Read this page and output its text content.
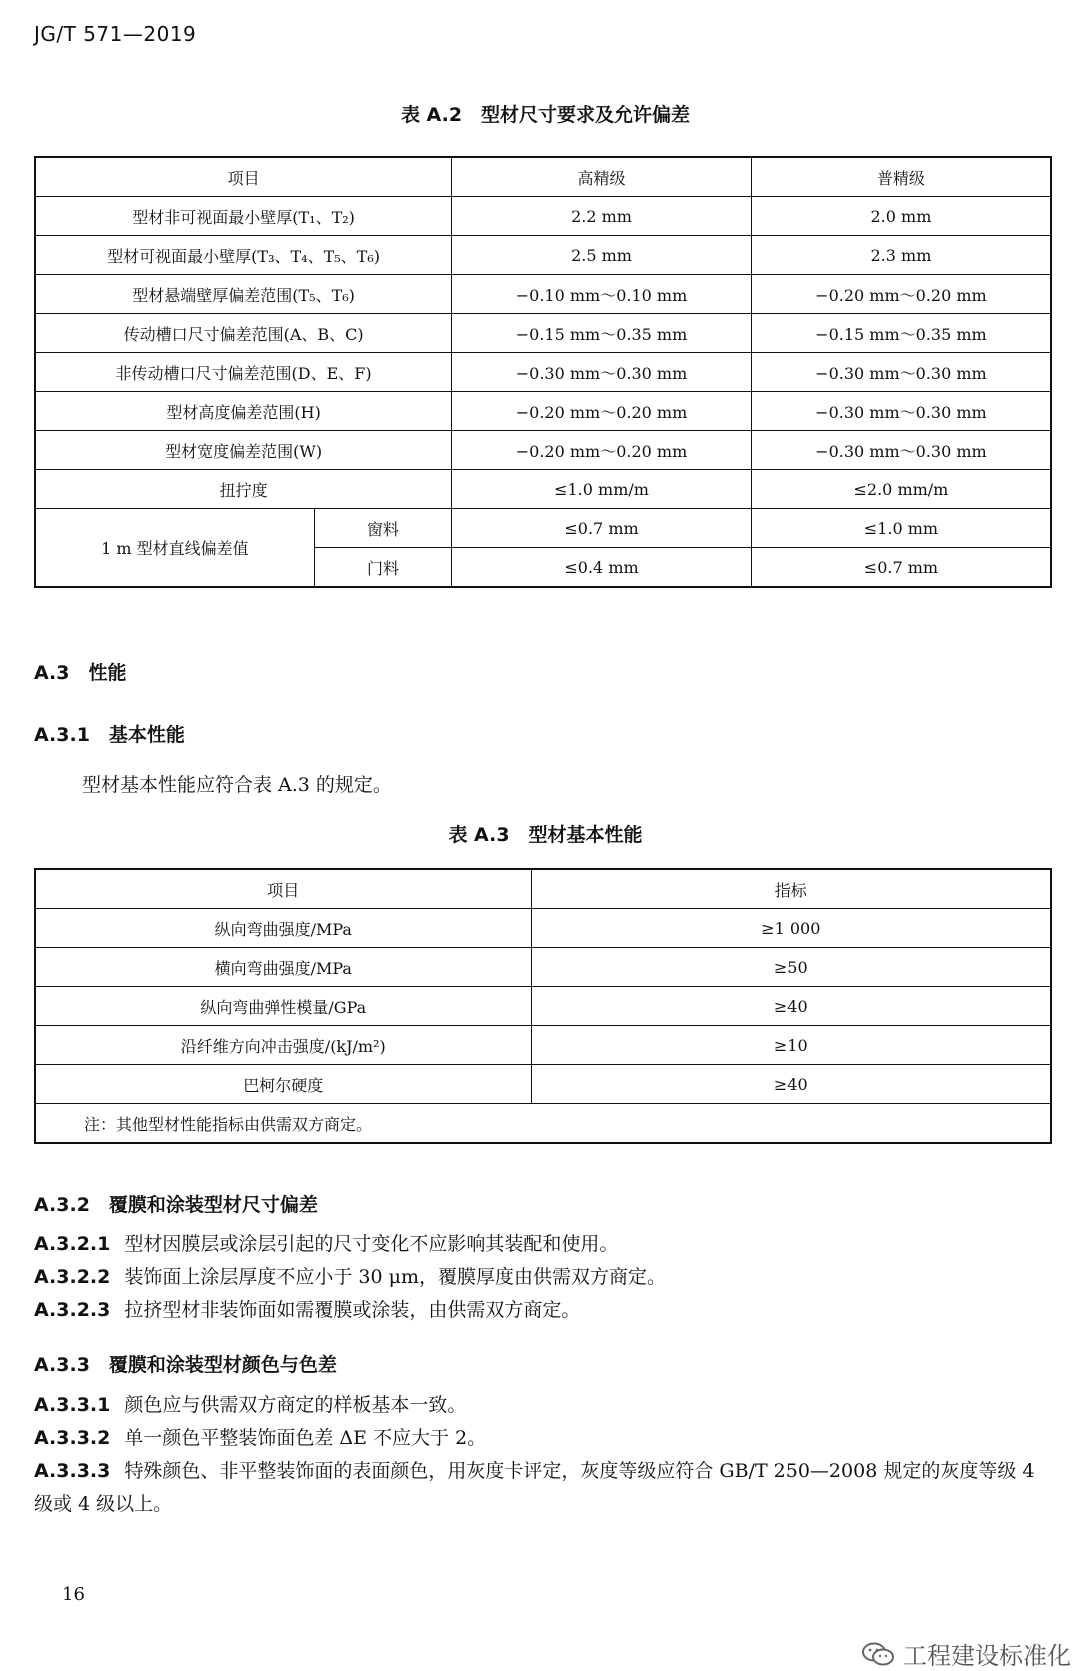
JG/T 571—2019
表 A.2　型材尺寸要求及允许偏差
项目		高精级	普精级
型材非可视面最小壁厚(T₁、T₂)		2.2 mm	2.0 mm
型材可视面最小壁厚(T₃、T₄、T₅、T₆)		2.5 mm	2.3 mm
型材悬端壁厚偏差范围(T₅、T₆)		−0.10 mm～0.10 mm	−0.20 mm～0.20 mm
传动槽口尺寸偏差范围(A、B、C)		−0.15 mm～0.35 mm	−0.15 mm～0.35 mm
非传动槽口尺寸偏差范围(D、E、F)		−0.30 mm～0.30 mm	−0.30 mm～0.30 mm
型材高度偏差范围(H)		−0.20 mm～0.20 mm	−0.30 mm～0.30 mm
型材宽度偏差范围(W)		−0.20 mm～0.20 mm	−0.30 mm～0.30 mm
扭拧度		≤1.0 mm/m	≤2.0 mm/m
1 m 型材直线偏差值	窗料	≤0.7 mm	≤1.0 mm
	门料	≤0.4 mm	≤0.7 mm
A.3　性能
A.3.1　基本性能
型材基本性能应符合表 A.3 的规定。
表 A.3　型材基本性能
项目	指标
纵向弯曲强度/MPa	≥1 000
横向弯曲强度/MPa	≥50
纵向弯曲弹性模量/GPa	≥40
沿纤维方向冲击强度/(kJ/m²)	≥10
巴柯尔硬度	≥40
注：其他型材性能指标由供需双方商定。	
A.3.2　覆膜和涂装型材尺寸偏差
A.3.2.1 型材因膜层或涂层引起的尺寸变化不应影响其装配和使用。
A.3.2.2 装饰面上涂层厚度不应小于 30 μm，覆膜厚度由供需双方商定。
A.3.2.3 拉挤型材非装饰面如需覆膜或涂装，由供需双方商定。
A.3.3　覆膜和涂装型材颜色与色差
A.3.3.1 颜色应与供需双方商定的样板基本一致。
A.3.3.2 单一颜色平整装饰面色差 ΔE 不应大于 2。
A.3.3.3 特殊颜色、非平整装饰面的表面颜色，用灰度卡评定，灰度等级应符合 GB/T 250—2008 规定的灰度等级 4 级或 4 级以上。
16
工程建设标准化
